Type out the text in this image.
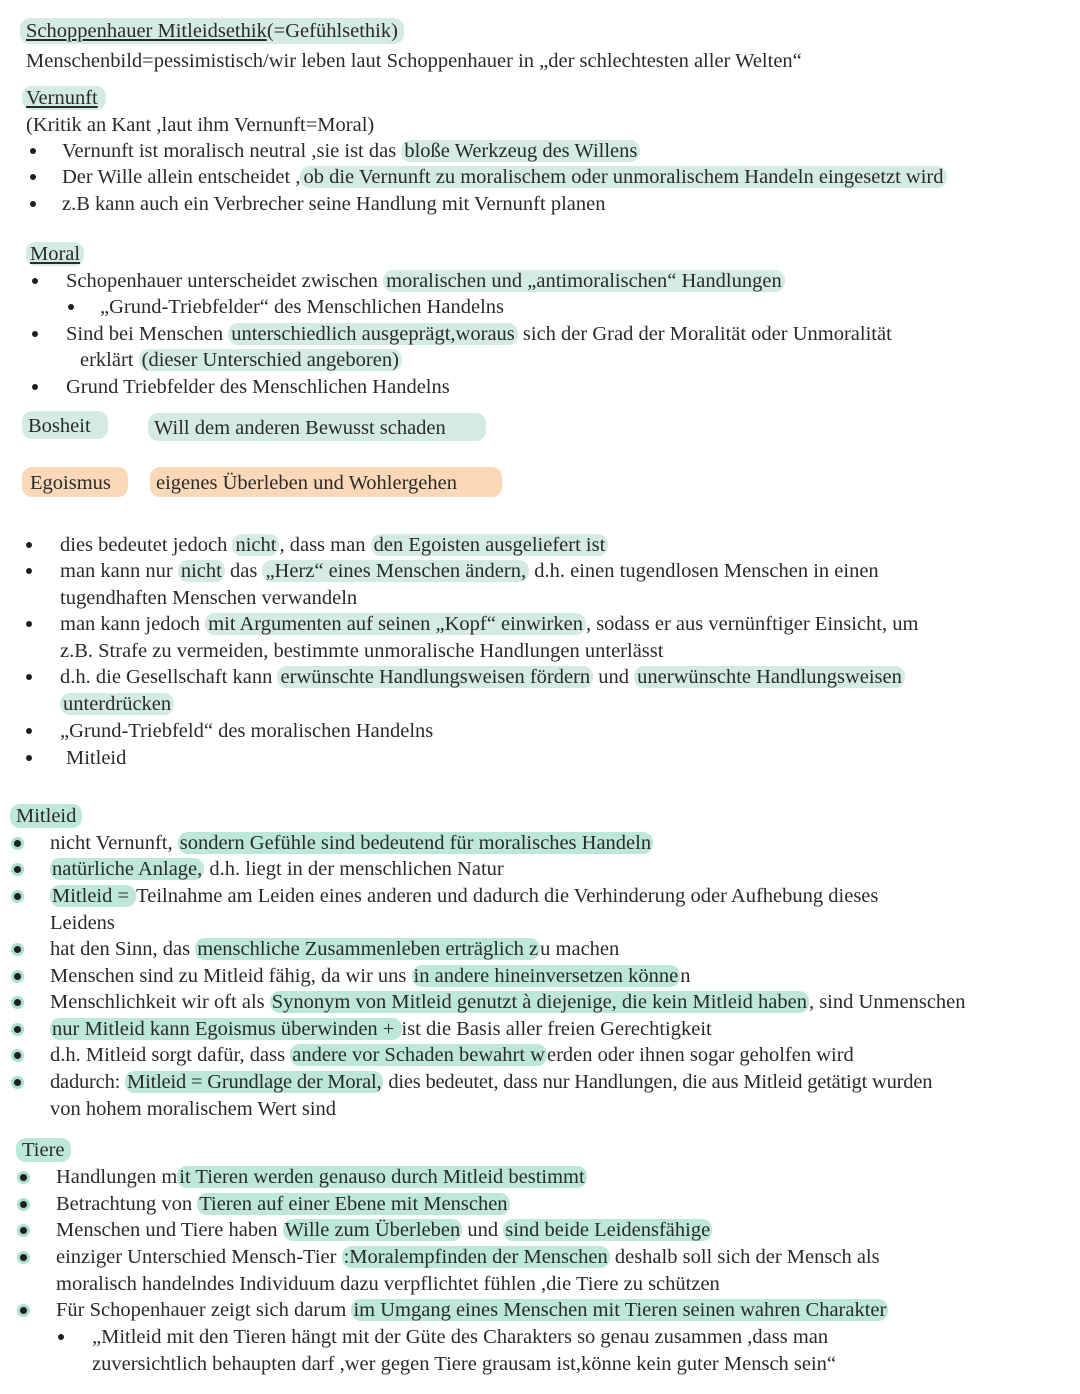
Schoppenhauer Mitleidsethik(=Gefühlsethik)
Menschenbild=pessimistisch/wir leben laut Schoppenhauer in „der schlechtesten aller Welten“
Vernunft
(Kritik an Kant ,laut ihm Vernunft=Moral)
Vernunft ist moralisch neutral ,sie ist das bloße Werkzeug des Willens
Der Wille allein entscheidet , ob die Vernunft zu moralischem oder unmoralischem Handeln eingesetzt wird
z.B kann auch ein Verbrecher seine Handlung mit Vernunft planen
Moral
Schopenhauer unterscheidet zwischen moralischen und „antimoralischen“ Handlungen
„Grund-Triebfelder“ des Menschlichen Handelns
Sind bei Menschen unterschiedlich ausgeprägt,woraus sich der Grad der Moralität oder Unmoralität
erklärt (dieser Unterschied angeboren)
Grund Triebfelder des Menschlichen Handelns
Bosheit	Will dem anderen Bewusst schaden
Egoismus eigenes Überleben und Wohlergehen
dies bedeutet jedoch nicht , dass man den Egoisten ausgeliefert ist
man kann nur nicht das „Herz“ eines Menschen ändern, d.h. einen tugendlosen Menschen in einen
tugendhaften Menschen verwandeln
man kann jedoch mit Argumenten auf seinen „Kopf“ einwirken , sodass er aus vernünftiger Einsicht, um
z.B. Strafe zu vermeiden, bestimmte unmoralische Handlungen unterlässt
d.h. die Gesellschaft kann erwünschte Handlungsweisen fördern und unerwünschte Handlungsweisen
unterdrücken
„Grund-Triebfeld“ des moralischen Handelns
Mitleid
Mitleid
nicht Vernunft, sondern Gefühle sind bedeutend für moralisches Handeln
natürliche Anlage, d.h. liegt in der menschlichen Natur
Mitleid = Teilnahme am Leiden eines anderen und dadurch die Verhinderung oder Aufhebung dieses
Leidens
hat den Sinn, das menschliche Zusammenleben erträglich zu machen
Menschen sind zu Mitleid fähig, da wir uns in andere hineinversetzen können
Menschlichkeit wir oft als Synonym von Mitleid genutzt à diejenige, die kein Mitleid haben, sind Unmenschen
nur Mitleid kann Egoismus überwinden + ist die Basis aller freien Gerechtigkeit
d.h. Mitleid sorgt dafür, dass andere vor Schaden bewahrt werden oder ihnen sogar geholfen wird
dadurch: Mitleid = Grundlage der Moral, dies bedeutet, dass nur Handlungen, die aus Mitleid getätigt wurden
von hohem moralischem Wert sind
Tiere
Handlungen mit Tieren werden genauso durch Mitleid bestimmt
Betrachtung von Tieren auf einer Ebene mit Menschen
Menschen und Tiere haben Wille zum Überleben und sind beide Leidensfähige
einziger Unterschied Mensch-Tier :Moralempfinden der Menschen deshalb soll sich der Mensch als
moralisch handelndes Individuum dazu verpflichtet fühlen ,die Tiere zu schützen
Für Schopenhauer zeigt sich darum im Umgang eines Menschen mit Tieren seinen wahren Charakter
„Mitleid mit den Tieren hängt mit der Güte des Charakters so genau zusammen ,dass man
zuversichtlich behaupten darf ,wer gegen Tiere grausam ist,könne kein guter Mensch sein“
